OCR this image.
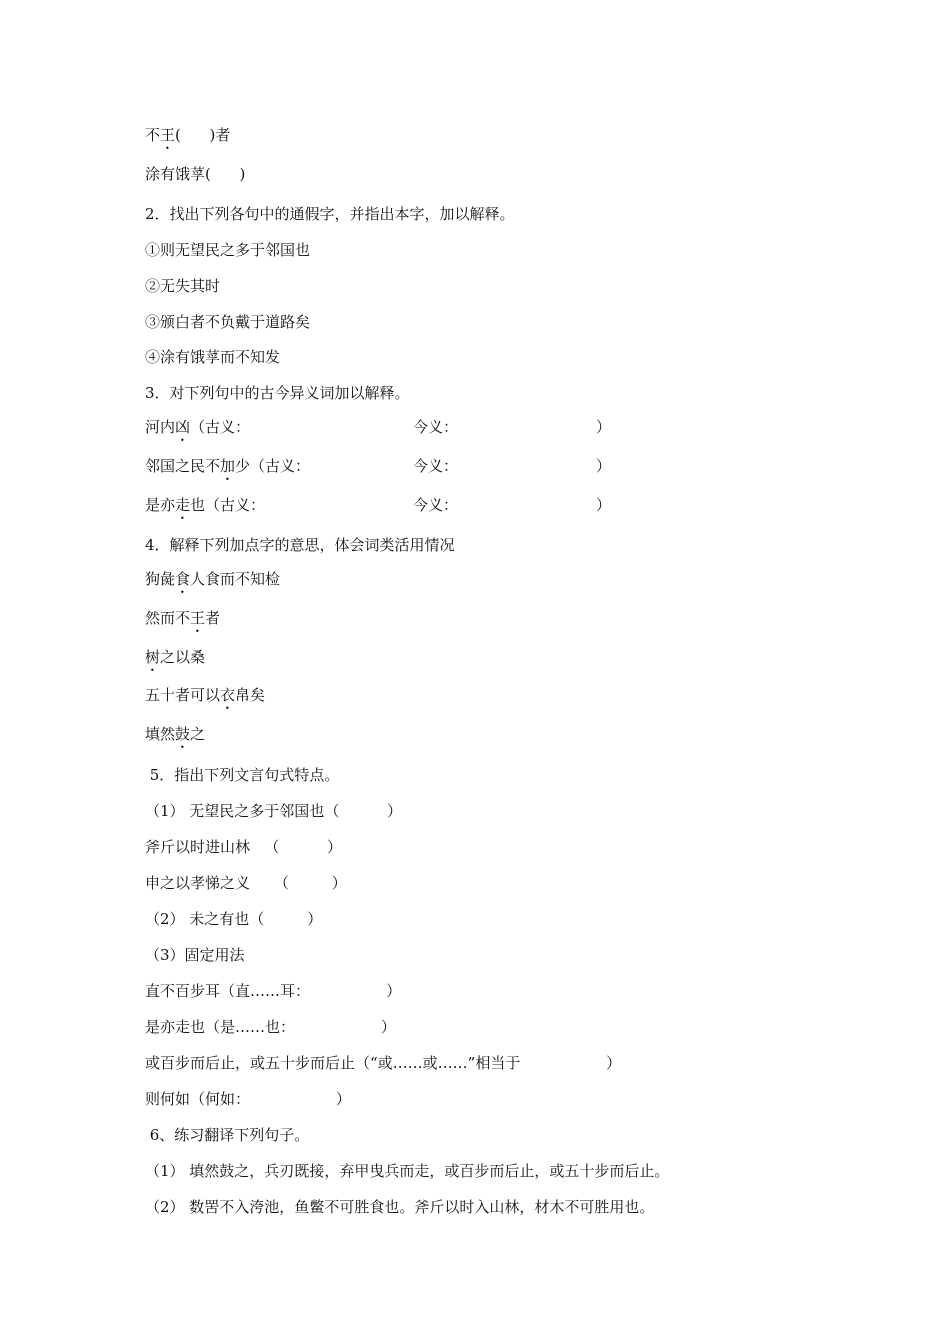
不王(      )者
涂有饿莩(      )
2．找出下列各句中的通假字，并指出本字，加以解释。
①则无望民之多于邻国也
②无失其时
③颁白者不负戴于道路矣
④涂有饿莩而不知发
3．对下列句中的古今异义词加以解释。
河内凶（古义：	今义：	）
邻国之民不加少（古义：	今义：	）
是亦走也（古义：	今义：	）
4．解释下列加点字的意思，体会词类活用情况
狗彘食人食而不知检
然而不王者
树之以桑
五十者可以衣帛矣
填然鼓之
5．指出下列文言句式特点。
（1） 无望民之多于邻国也（          ）
斧斤以时进山林   （          ）
申之以孝悌之义     （         ）
（2） 未之有也（         ）
（3）固定用法
直不百步耳（直……耳：                ）
是亦走也（是……也：                  ）
或百步而后止，或五十步而后止（“或……或……”相当于                  ）
则何如（何如：                  ）
6、练习翻译下列句子。
（1） 填然鼓之，兵刃既接，弃甲曳兵而走，或百步而后止，或五十步而后止。
（2） 数罟不入洿池，鱼鳖不可胜食也。斧斤以时入山林，材木不可胜用也。
